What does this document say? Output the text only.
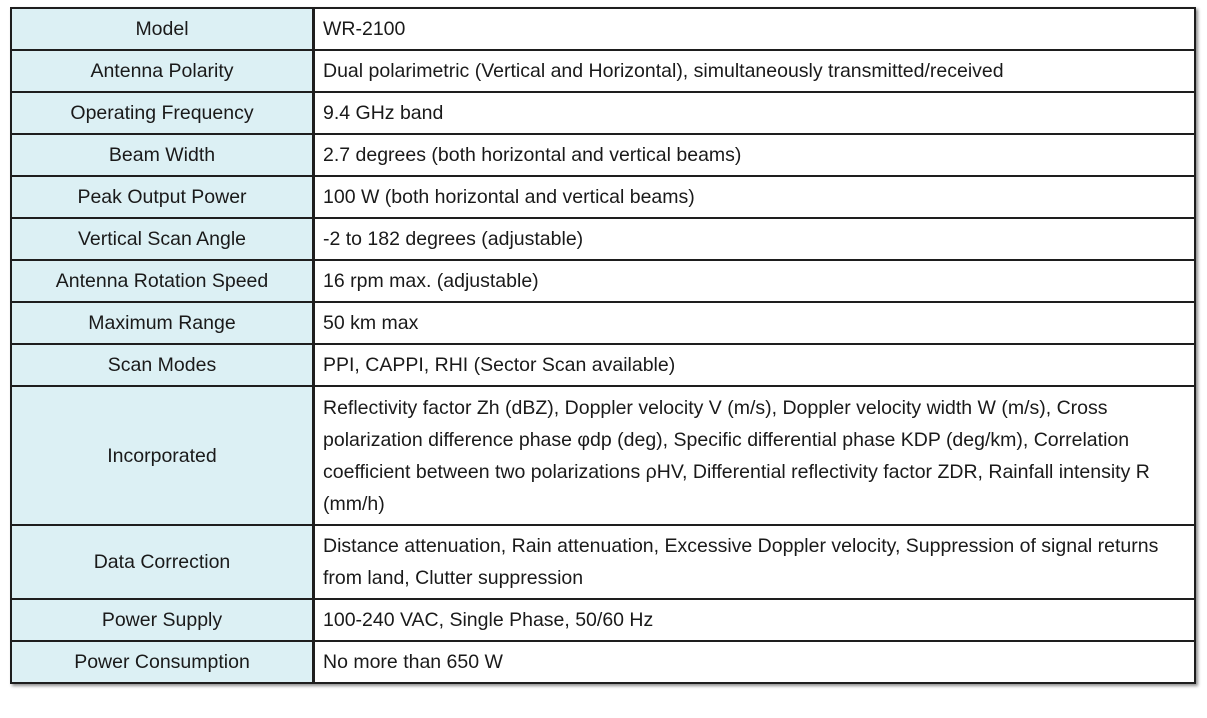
Model	WR-2100
Antenna Polarity	Dual polarimetric (Vertical and Horizontal), simultaneously transmitted/received
Operating Frequency	9.4 GHz band
Beam Width	2.7 degrees (both horizontal and vertical beams)
Peak Output Power	100 W (both horizontal and vertical beams)
Vertical Scan Angle	-2 to 182 degrees (adjustable)
Antenna Rotation Speed	16 rpm max. (adjustable)
Maximum Range	50 km max
Scan Modes	PPI, CAPPI, RHI (Sector Scan available)
Incorporated	Reflectivity factor Zh (dBZ), Doppler velocity V (m/s), Doppler velocity width W (m/s), Cross polarization difference phase φdp (deg), Specific differential phase KDP (deg/km), Correlation coefficient between two polarizations ρHV, Differential reflectivity factor ZDR, Rainfall intensity R (mm/h)
Data Correction	Distance attenuation, Rain attenuation, Excessive Doppler velocity, Suppression of signal returns from land, Clutter suppression
Power Supply	100-240 VAC, Single Phase, 50/60 Hz
Power Consumption	No more than 650 W
